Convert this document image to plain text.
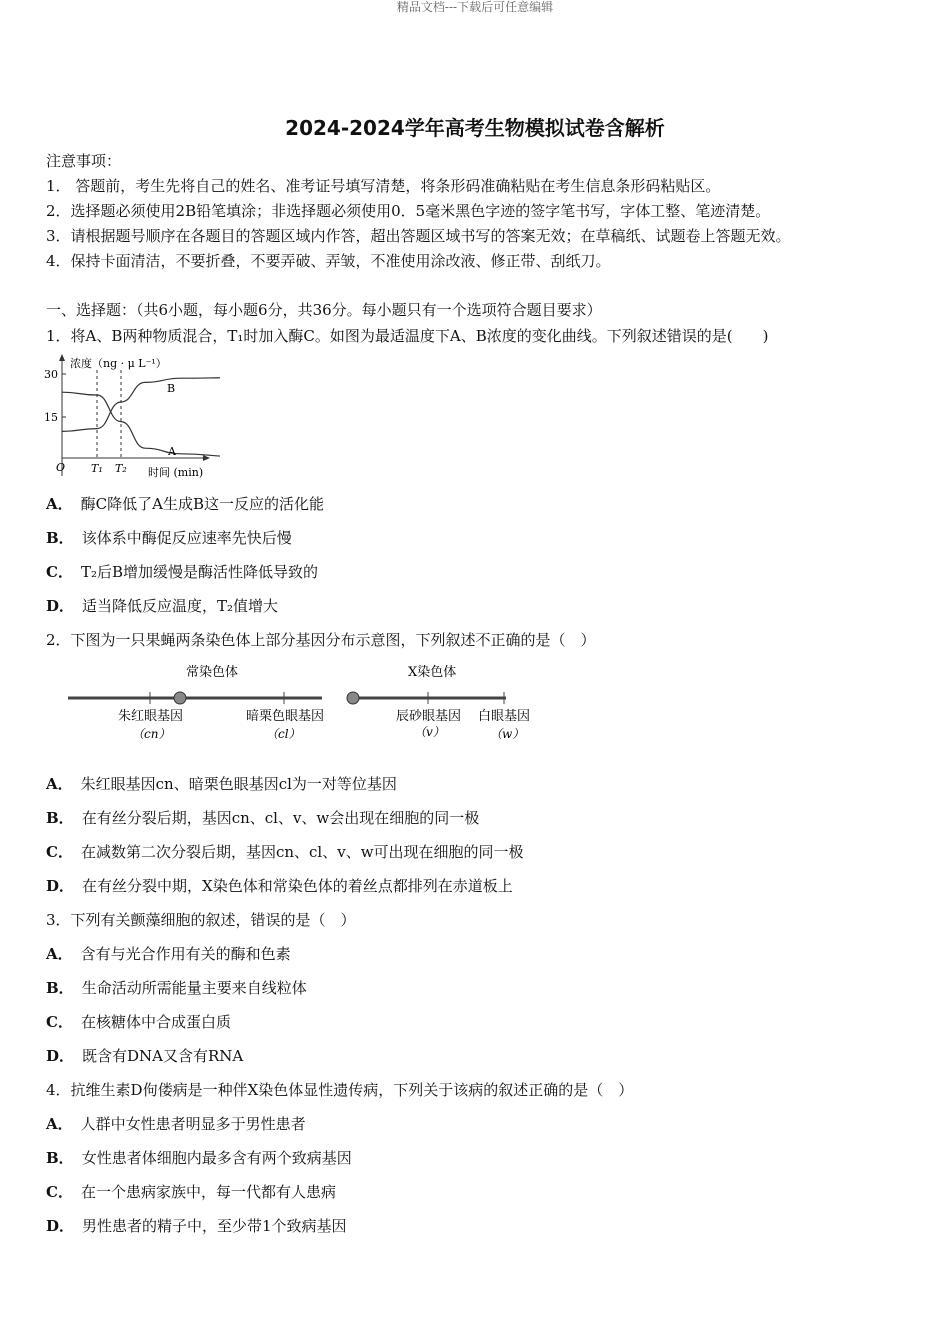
精品文档---下载后可任意编辑
2024-2024学年高考生物模拟试卷含解析
注意事项：
1． 答题前，考生先将自己的姓名、准考证号填写清楚，将条形码准确粘贴在考生信息条形码粘贴区。
2．选择题必须使用2B铅笔填涂；非选择题必须使用0．5毫米黑色字迹的签字笔书写，字体工整、笔迹清楚。
3．请根据题号顺序在各题目的答题区域内作答，超出答题区域书写的答案无效；在草稿纸、试题卷上答题无效。
4．保持卡面清洁，不要折叠，不要弄破、弄皱，不准使用涂改液、修正带、刮纸刀。
一、选择题：（共6小题，每小题6分，共36分。每小题只有一个选项符合题目要求）
1．将A、B两种物质混合，T₁时加入酶C。如图为最适温度下A、B浓度的变化曲线。下列叙述错误的是(　　)
浓度（ng · μ L⁻¹）
30
15
O T₁ T₂ 时间 (min)
B
A
A． 酶C降低了A生成B这一反应的活化能
B． 该体系中酶促反应速率先快后慢
C． T₂后B增加缓慢是酶活性降低导致的
D． 适当降低反应温度，T₂值增大
2．下图为一只果蝇两条染色体上部分基因分布示意图，下列叙述不正确的是（　）
常染色体	X染色体
朱红眼基因
（cn）
暗栗色眼基因
（cl）
辰砂眼基因
（v）
白眼基因
（w）
A． 朱红眼基因cn、暗栗色眼基因cl为一对等位基因
B． 在有丝分裂后期，基因cn、cl、v、w会出现在细胞的同一极
C． 在减数第二次分裂后期，基因cn、cl、v、w可出现在细胞的同一极
D． 在有丝分裂中期，X染色体和常染色体的着丝点都排列在赤道板上
3．下列有关颤藻细胞的叙述，错误的是（　）
A． 含有与光合作用有关的酶和色素
B． 生命活动所需能量主要来自线粒体
C． 在核糖体中合成蛋白质
D． 既含有DNA又含有RNA
4．抗维生素D佝偻病是一种伴X染色体显性遗传病，下列关于该病的叙述正确的是（　）
A． 人群中女性患者明显多于男性患者
B． 女性患者体细胞内最多含有两个致病基因
C． 在一个患病家族中，每一代都有人患病
D． 男性患者的精子中，至少带1个致病基因
